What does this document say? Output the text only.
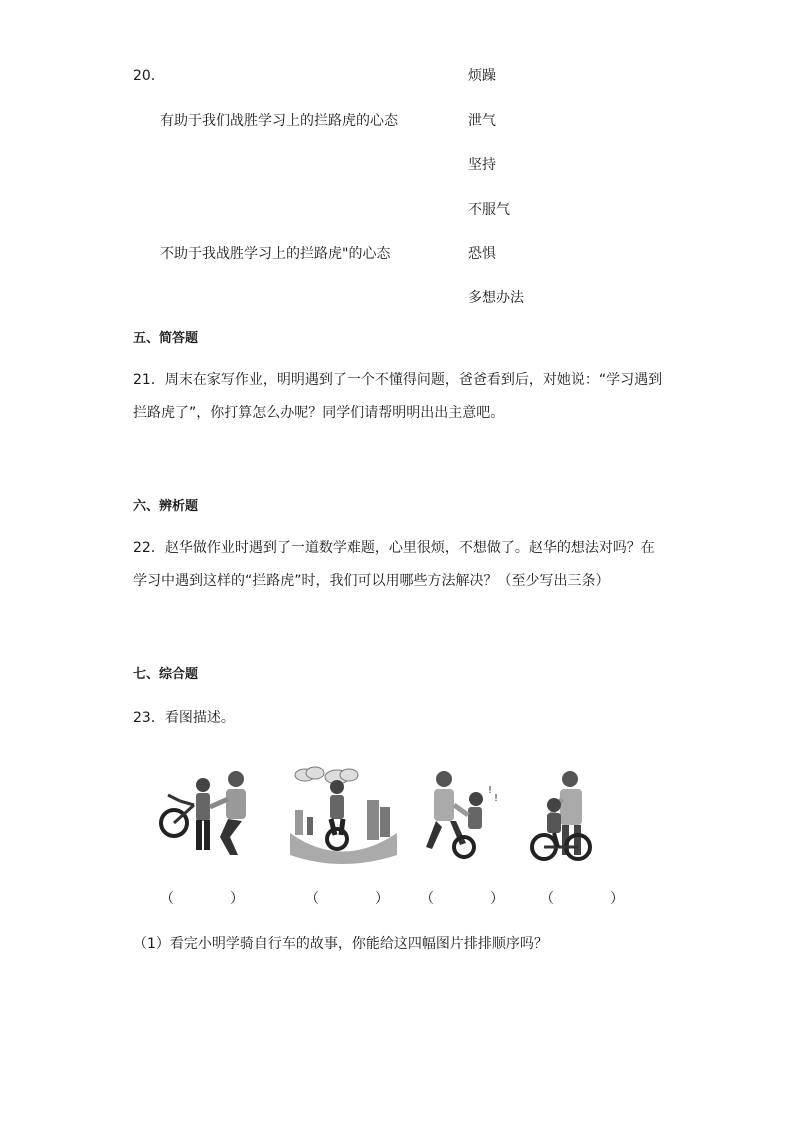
20．
有助于我们战胜学习上的拦路虎的心态
不助于我战胜学习上的拦路虎"的心态
烦躁
泄气
坚持
不服气
恐惧
多想办法
五、简答题
21．周末在家写作业，明明遇到了一个不懂得问题，爸爸看到后，对她说：“学习遇到拦路虎了”，你打算怎么办呢？同学们请帮明明出出主意吧。
六、辨析题
22．赵华做作业时遇到了一道数学难题，心里很烦，不想做了。赵华的想法对吗？在学习中遇到这样的“拦路虎”时，我们可以用哪些方法解决？（至少写出三条）
七、综合题
23．看图描述。
!
!
（　　　　）	（　　　　） （　　　　）	（　　　　）
（1）看完小明学骑自行车的故事，你能给这四幅图片排排顺序吗？
